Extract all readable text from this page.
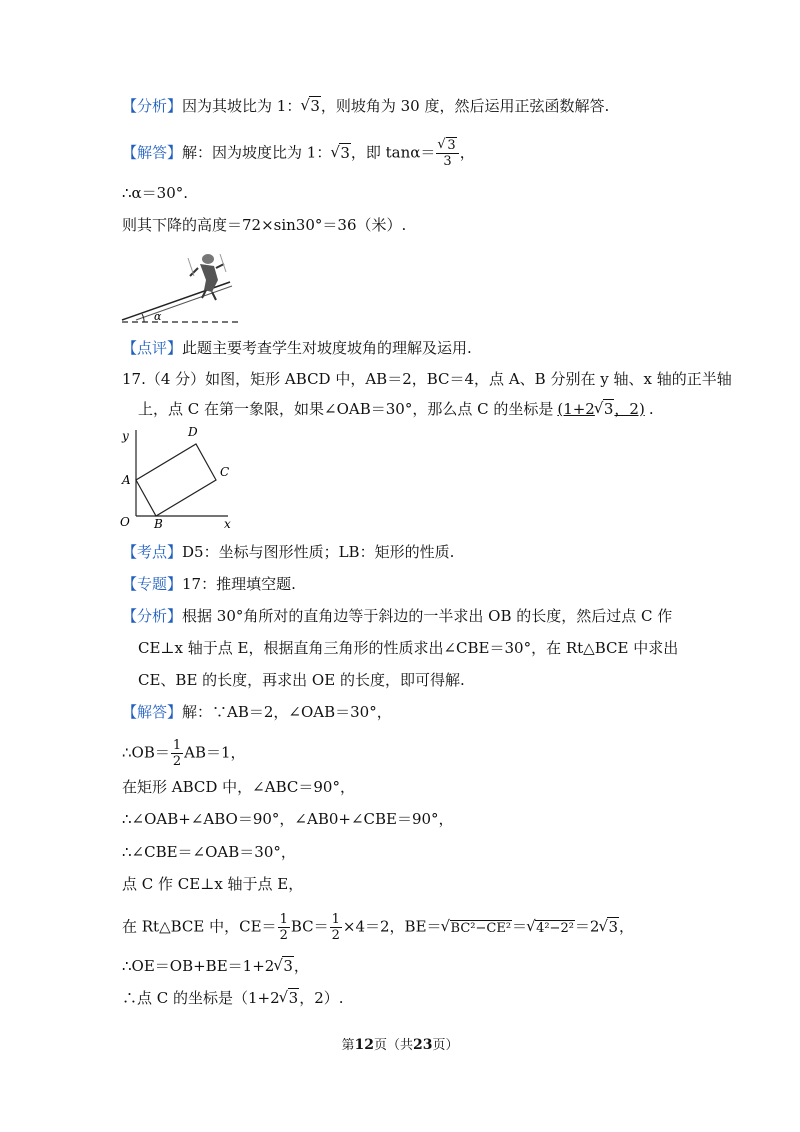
【分析】因为其坡比为 1： √ 3，则坡角为 30 度，然后运用正弦函数解答.
【解答】解：因为坡度比为 1： √ 3，即 tanα＝ √ $\frac{3}{3}$ ，
∴α＝30°.
则其下降的高度＝72×sin30°＝36（米）.
α
【点评】此题主要考查学生对坡度坡角的理解及运用.
17.（4 分）如图，矩形 ABCD 中，AB＝2，BC＝4，点 A、B 分别在 y 轴、x 轴的正半轴
上，点 C 在第一象限，如果∠OAB＝30°，那么点 C 的坐标是 (1+2 √ 3，2) .
y
x
O
A
B
C
D
【考点】D5：坐标与图形性质；LB：矩形的性质.
【专题】17：推理填空题.
【分析】根据 30°角所对的直角边等于斜边的一半求出 OB 的长度，然后过点 C 作
CE⊥x 轴于点 E，根据直角三角形的性质求出∠CBE＝30°，在 Rt△BCE 中求出
CE、BE 的长度，再求出 OE 的长度，即可得解.
【解答】解：∵AB＝2，∠OAB＝30°，
∴OB＝ $\frac{1}{2} AB=1$，
在矩形 ABCD 中，∠ABC＝90°，
∴∠OAB+∠ABO＝90°，∠AB0+∠CBE＝90°，
∴∠CBE＝∠OAB＝30°，
点 C 作 CE⊥x 轴于点 E，
在 Rt△BCE 中，$CE= \frac{1}{2} BC= \frac{1}{2} \times 4=2$，BE＝ √ BC²−CE²＝ √ 4²−2²＝2 √ 3，
∴OE＝OB+BE＝1+2 √ 3，
∴点 C 的坐标是（1+2 √ 3，2）.
第12页（共23页）
